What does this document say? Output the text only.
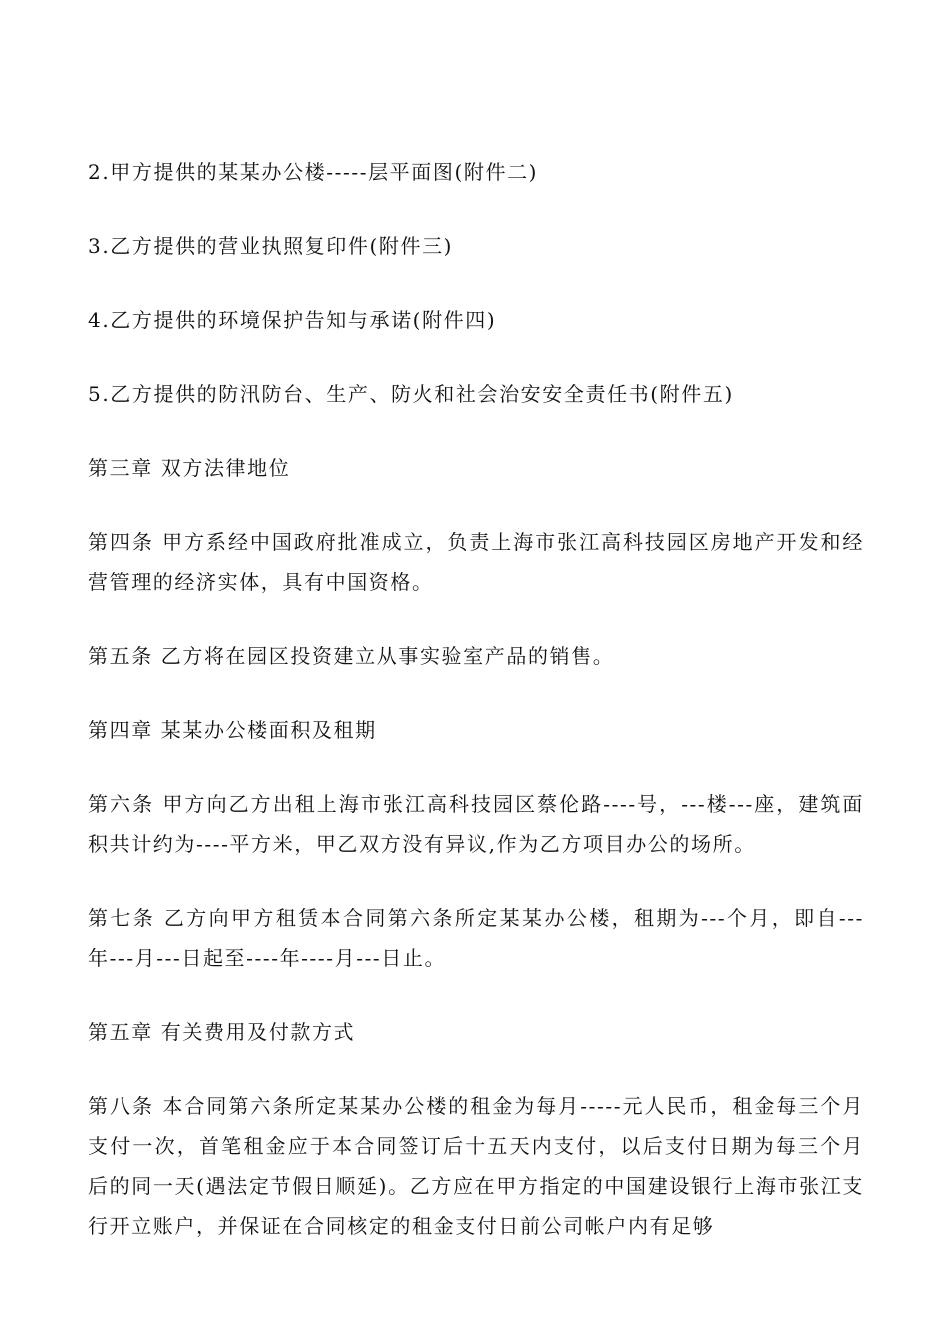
2.甲方提供的某某办公楼-----层平面图(附件二)

3.乙方提供的营业执照复印件(附件三)

4.乙方提供的环境保护告知与承诺(附件四)

5.乙方提供的防汛防台、生产、防火和社会治安安全责任书(附件五)

第三章 双方法律地位

第四条 甲方系经中国政府批准成立，负责上海市张江高科技园区房地产开发和经营管理的经济实体，具有中国资格。

第五条 乙方将在园区投资建立从事实验室产品的销售。

第四章 某某办公楼面积及租期

第六条 甲方向乙方出租上海市张江高科技园区蔡伦路----号，---楼---座，建筑面积共计约为----平方米，甲乙双方没有异议,作为乙方项目办公的场所。

第七条 乙方向甲方租赁本合同第六条所定某某办公楼，租期为---个月，即自---年---月---日起至----年----月---日止。

第五章 有关费用及付款方式

第八条 本合同第六条所定某某办公楼的租金为每月-----元人民币，租金每三个月支付一次，首笔租金应于本合同签订后十五天内支付，以后支付日期为每三个月后的同一天(遇法定节假日顺延)。乙方应在甲方指定的中国建设银行上海市张江支行开立账户，并保证在合同核定的租金支付日前公司帐户内有足够
